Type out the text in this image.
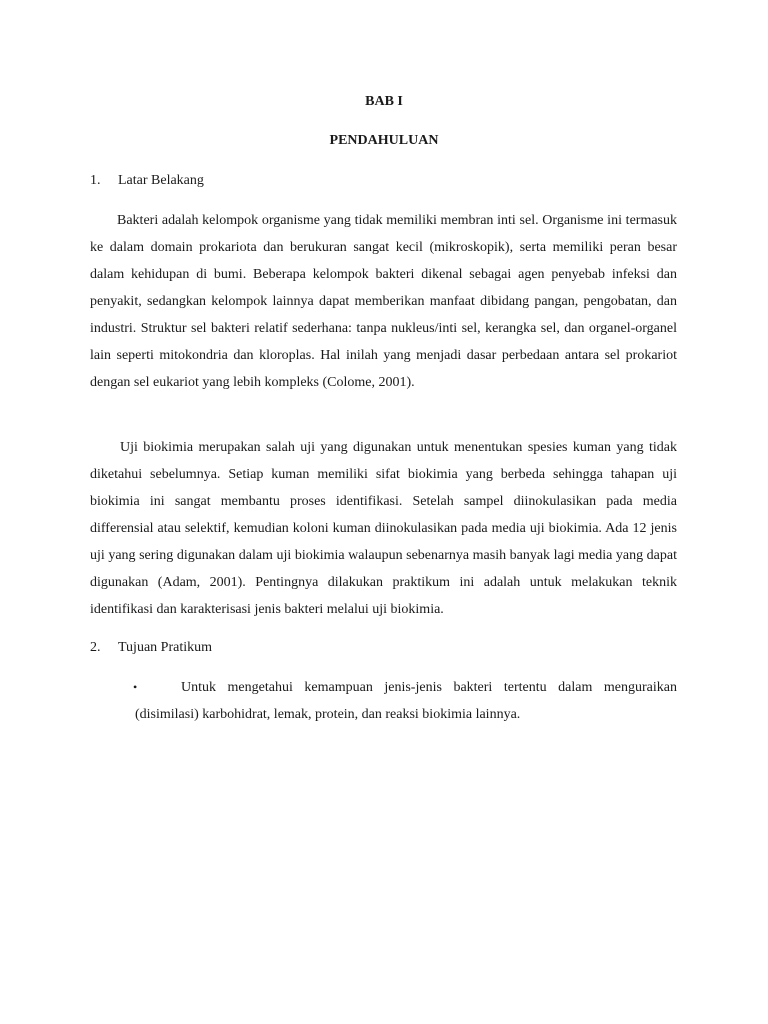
BAB I
PENDAHULUAN
1. Latar Belakang

Bakteri adalah kelompok organisme yang tidak memiliki membran inti sel. Organisme ini termasuk ke dalam domain prokariota dan berukuran sangat kecil (mikroskopik), serta memiliki peran besar dalam kehidupan di bumi. Beberapa kelompok bakteri dikenal sebagai agen penyebab infeksi dan penyakit, sedangkan kelompok lainnya dapat memberikan manfaat dibidang pangan, pengobatan, dan industri. Struktur sel bakteri relatif sederhana: tanpa nukleus/inti sel, kerangka sel, dan organel-organel lain seperti mitokondria dan kloroplas. Hal inilah yang menjadi dasar perbedaan antara sel prokariot dengan sel eukariot yang lebih kompleks (Colome, 2001).

Uji biokimia merupakan salah uji yang digunakan untuk menentukan spesies kuman yang tidak diketahui sebelumnya. Setiap kuman memiliki sifat biokimia yang berbeda sehingga tahapan uji biokimia ini sangat membantu proses identifikasi. Setelah sampel diinokulasikan pada media differensial atau selektif, kemudian koloni kuman diinokulasikan pada media uji biokimia. Ada 12 jenis uji yang sering digunakan dalam uji biokimia walaupun sebenarnya masih banyak lagi media yang dapat digunakan (Adam, 2001). Pentingnya dilakukan praktikum ini adalah untuk melakukan teknik identifikasi dan karakterisasi jenis bakteri melalui uji biokimia.

2. Tujuan Pratikum
•	Untuk mengetahui kemampuan jenis-jenis bakteri tertentu dalam menguraikan (disimilasi) karbohidrat, lemak, protein, dan reaksi biokimia lainnya.
